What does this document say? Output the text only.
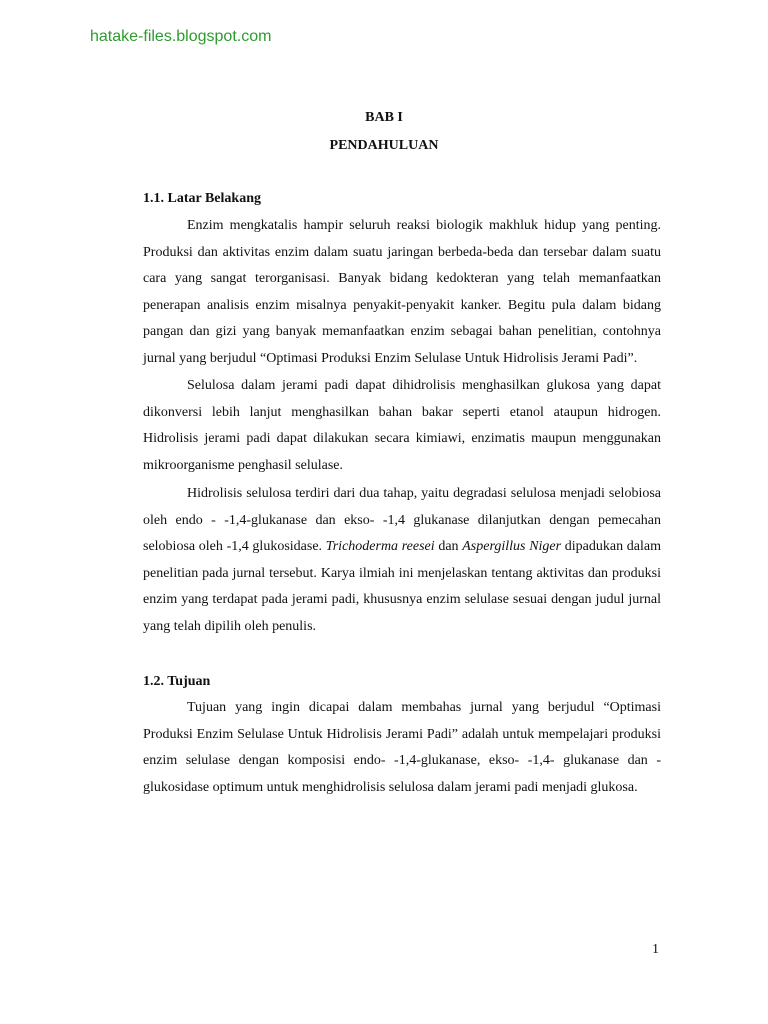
hatake-files.blogspot.com
BAB I
PENDAHULUAN
1.1. Latar Belakang

Enzim mengkatalis hampir seluruh reaksi biologik makhluk hidup yang penting. Produksi dan aktivitas enzim dalam suatu jaringan berbeda-beda dan tersebar dalam suatu cara yang sangat terorganisasi. Banyak bidang kedokteran yang telah memanfaatkan penerapan analisis enzim misalnya penyakit-penyakit kanker. Begitu pula dalam bidang pangan dan gizi yang banyak memanfaatkan enzim sebagai bahan penelitian, contohnya jurnal yang berjudul “Optimasi Produksi Enzim Selulase Untuk Hidrolisis Jerami Padi”.

Selulosa dalam jerami padi dapat dihidrolisis menghasilkan glukosa yang dapat dikonversi lebih lanjut menghasilkan bahan bakar seperti etanol ataupun hidrogen. Hidrolisis jerami padi dapat dilakukan secara kimiawi, enzimatis maupun menggunakan mikroorganisme penghasil selulase.

Hidrolisis selulosa terdiri dari dua tahap, yaitu degradasi selulosa menjadi selobiosa oleh endo - -1,4-glukanase dan ekso- -1,4 glukanase dilanjutkan dengan pemecahan selobiosa oleh -1,4 glukosidase. Trichoderma reesei dan Aspergillus Niger dipadukan dalam penelitian pada jurnal tersebut. Karya ilmiah ini menjelaskan tentang aktivitas dan produksi enzim yang terdapat pada jerami padi, khususnya enzim selulase sesuai dengan judul jurnal yang telah dipilih oleh penulis.

1.2. Tujuan

Tujuan yang ingin dicapai dalam membahas jurnal yang berjudul “Optimasi Produksi Enzim Selulase Untuk Hidrolisis Jerami Padi” adalah untuk mempelajari produksi enzim selulase dengan komposisi endo- -1,4-glukanase, ekso- -1,4- glukanase dan - glukosidase optimum untuk menghidrolisis selulosa dalam jerami padi menjadi glukosa.

1
